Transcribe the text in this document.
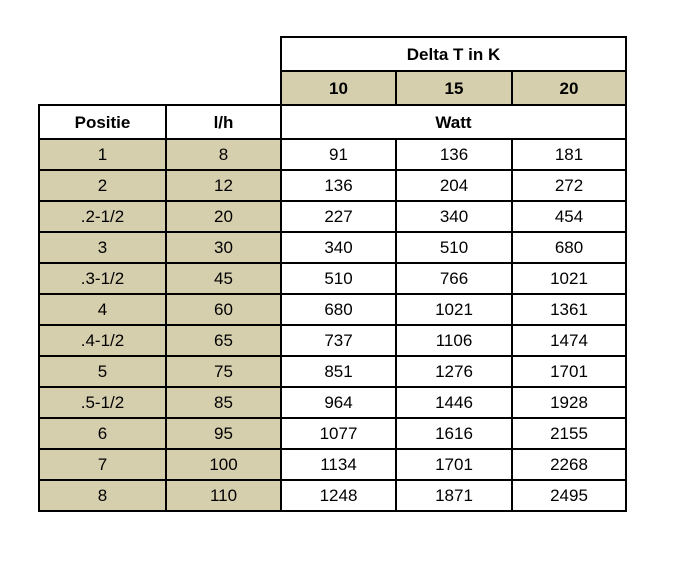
		Delta T in K		
		10	15	20
Positie	l/h	Watt		
1	8	91	136	181
2	12	136	204	272
.2-1/2	20	227	340	454
3	30	340	510	680
.3-1/2	45	510	766	1021
4	60	680	1021	1361
.4-1/2	65	737	1106	1474
5	75	851	1276	1701
.5-1/2	85	964	1446	1928
6	95	1077	1616	2155
7	100	1134	1701	2268
8	110	1248	1871	2495
